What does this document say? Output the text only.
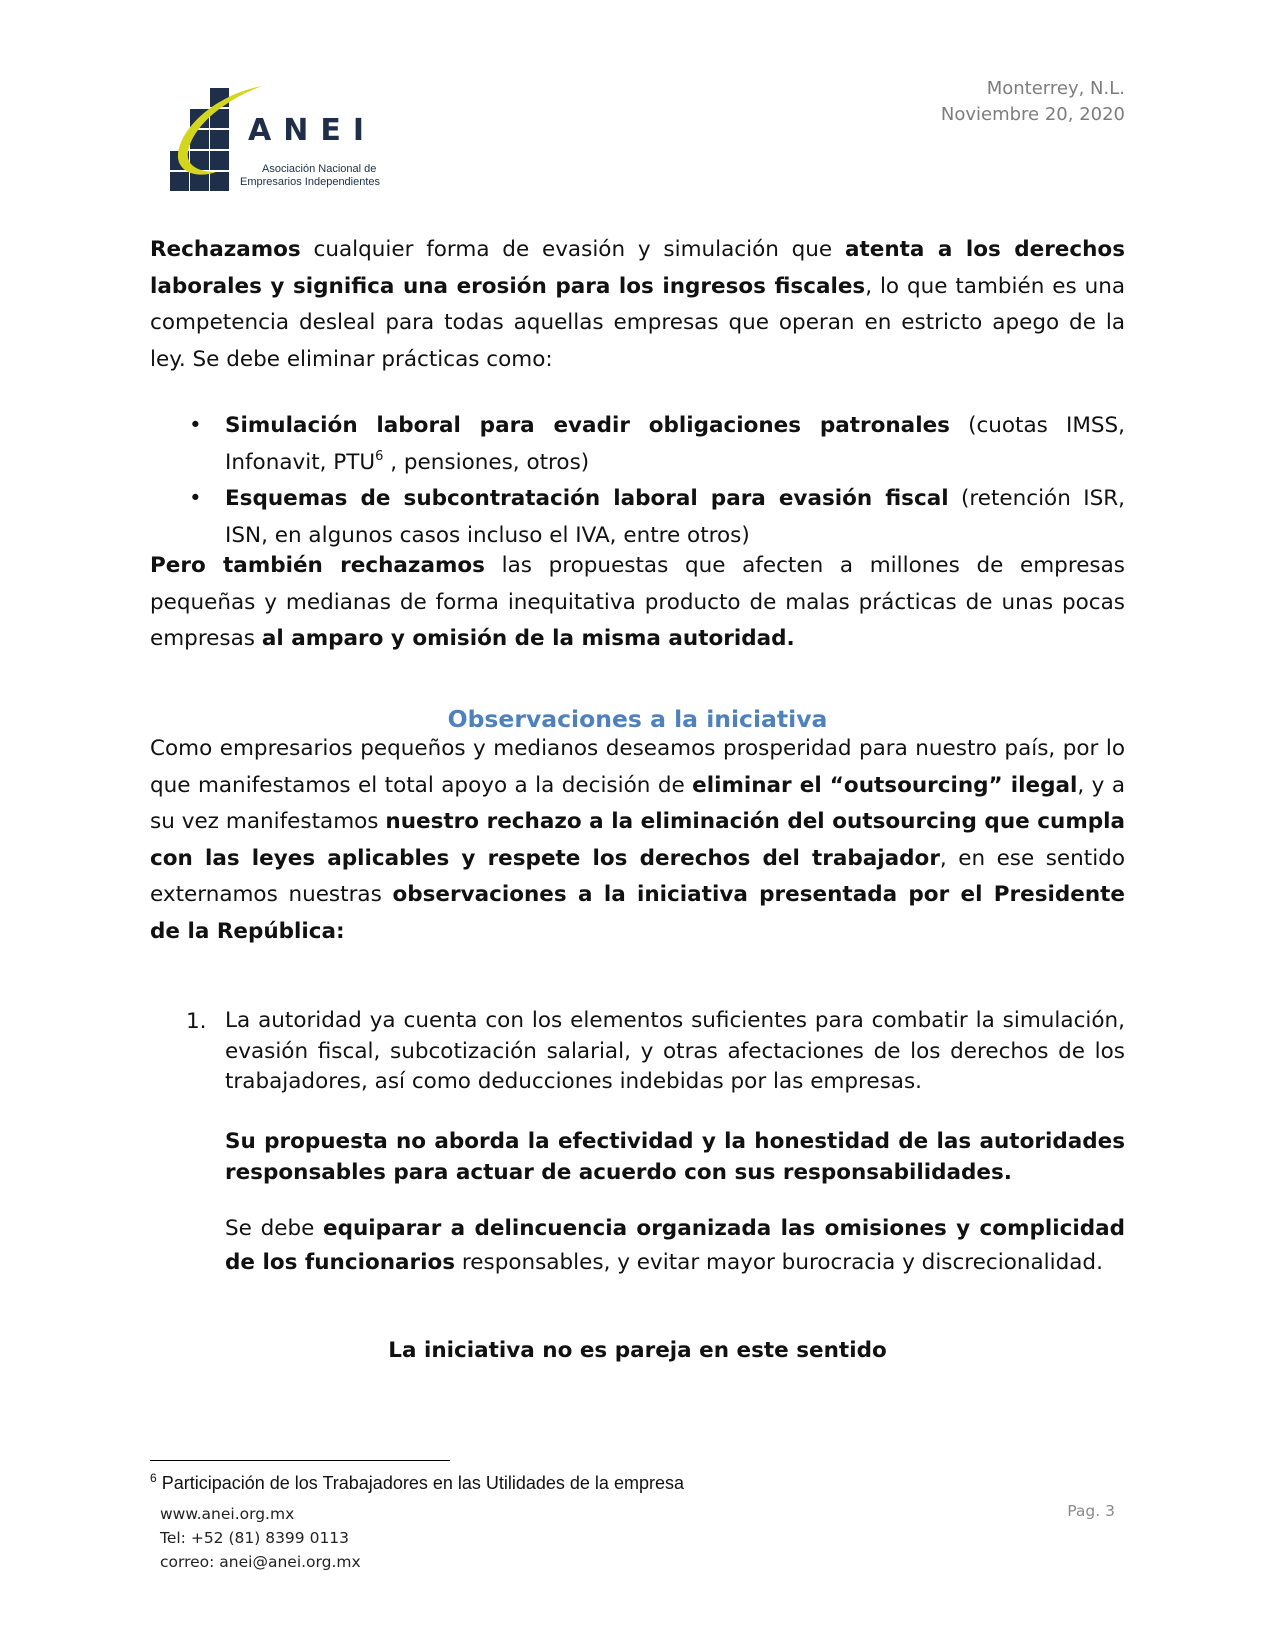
ANEI
Asociación Nacional de
Empresarios Independientes
Monterrey, N.L.
Noviembre 20, 2020

Rechazamos cualquier forma de evasión y simulación que atenta a los derechos laborales y significa una erosión para los ingresos fiscales, lo que también es una competencia desleal para todas aquellas empresas que operan en estricto apego de la ley. Se debe eliminar prácticas como:

• Simulación laboral para evadir obligaciones patronales (cuotas IMSS, Infonavit, PTU$^6$ , pensiones, otros)
• Esquemas de subcontratación laboral para evasión fiscal (retención ISR, ISN, en algunos casos incluso el IVA, entre otros)

Pero también rechazamos las propuestas que afecten a millones de empresas pequeñas y medianas de forma inequitativa producto de malas prácticas de unas pocas empresas al amparo y omisión de la misma autoridad.

Observaciones a la iniciativa

Como empresarios pequeños y medianos deseamos prosperidad para nuestro país, por lo que manifestamos el total apoyo a la decisión de eliminar el “outsourcing” ilegal, y a su vez manifestamos nuestro rechazo a la eliminación del outsourcing que cumpla con las leyes aplicables y respete los derechos del trabajador, en ese sentido externamos nuestras observaciones a la iniciativa presentada por el Presidente de la República:

1. La autoridad ya cuenta con los elementos suficientes para combatir la simulación, evasión fiscal, subcotización salarial, y otras afectaciones de los derechos de los trabajadores, así como deducciones indebidas por las empresas.

Su propuesta no aborda la efectividad y la honestidad de las autoridades responsables para actuar de acuerdo con sus responsabilidades.

Se debe equiparar a delincuencia organizada las omisiones y complicidad de los funcionarios responsables, y evitar mayor burocracia y discrecionalidad.

La iniciativa no es pareja en este sentido
$^6$ Participación de los Trabajadores en las Utilidades de la empresa
www.anei.org.mx
Tel: +52 (81) 8399 0113
correo: anei@anei.org.mx
Pag. 3
